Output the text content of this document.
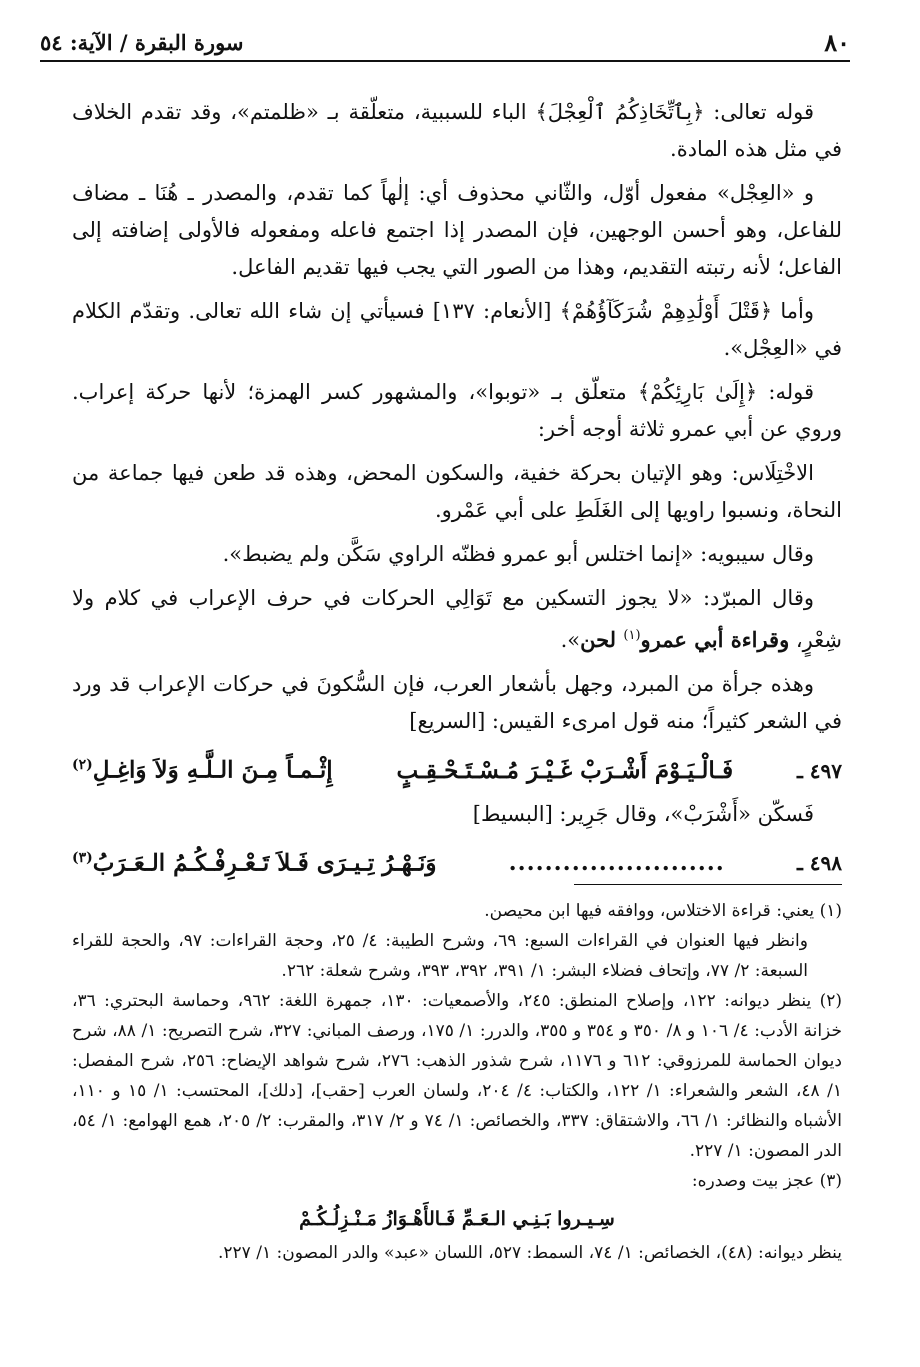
٨٠
سورة البقرة / الآية: ٥٤

قوله تعالى: ﴿بِٱتِّخَاذِكُمُ ٱلْعِجْلَ﴾ الباء للسببية، متعلّقة بـ «ظلمتم»، وقد تقدم الخلاف في مثل هذه المادة.

و «العِجْل» مفعول أوّل، والثّاني محذوف أي: إلٰهاً كما تقدم، والمصدر ـ هُنَا ـ مضاف للفاعل، وهو أحسن الوجهين، فإن المصدر إذا اجتمع فاعله ومفعوله فالأولى إضافته إلى الفاعل؛ لأنه رتبته التقديم، وهذا من الصور التي يجب فيها تقديم الفاعل.

وأما ﴿قَتْلَ أَوْلَٰدِهِمْ شُرَكَآؤُهُمْ﴾ [الأنعام: ١٣٧] فسيأتي إن شاء الله تعالى. وتقدّم الكلام في «العِجْل».

قوله: ﴿إِلَىٰ بَارِئِكُمْ﴾ متعلّق بـ «توبوا»، والمشهور كسر الهمزة؛ لأنها حركة إعراب. وروي عن أبي عمرو ثلاثة أوجه أخر:

الاخْتِلَاس: وهو الإتيان بحركة خفية، والسكون المحض، وهذه قد طعن فيها جماعة من النحاة، ونسبوا راويها إلى الغَلَطِ على أبي عَمْرو.

وقال سيبويه: «إنما اختلس أبو عمرو فظنّه الراوي سَكَّن ولم يضبط».

وقال المبرّد: «لا يجوز التسكين مع تَوَالِي الحركات في حرف الإعراب في كلام ولا شِعْرٍ، وقراءة أبي عمرو$^{(١)}$ لحن».

وهذه جرأة من المبرد، وجهل بأشعار العرب، فإن السُّكونَ في حركات الإعراب قد ورد في الشعر كثيراً؛ منه قول امرىء القيس: [السريع]

٤٩٧ ـ
فَـالْـيَـوْمَ أَشْـرَبْ غَـيْـرَ مُـسْـتَـحْـقِـبٍ
إِثْـمـاً مِـنَ الـلَّـهِ وَلاَ وَاغِـلِ$^{(٢)}$

فَسكّن «أَشْرَبْ»، وقال جَرِير: [البسيط]

٤٩٨ ـ
........................
وَنَـهْـرُ تِـيـرَى فَـلاَ تَـعْـرِفْـكُـمُ الـعَـرَبُ$^{(٣)}$

(١) يعني: قراءة الاختلاس، ووافقه فيها ابن محيصن.

وانظر فيها العنوان في القراءات السبع: ٦٩، وشرح الطيبة: ٤/ ٢٥، وحجة القراءات: ٩٧، والحجة للقراء السبعة: ٢/ ٧٧، وإتحاف فضلاء البشر: ١/ ٣٩١، ٣٩٢، ٣٩٣، وشرح شعلة: ٢٦٢.

(٢) ينظر ديوانه: ١٢٢، وإصلاح المنطق: ٢٤٥، والأصمعيات: ١٣٠، جمهرة اللغة: ٩٦٢، وحماسة البحتري: ٣٦، خزانة الأدب: ٤/ ١٠٦ و ٨/ ٣٥٠ و ٣٥٤ و ٣٥٥، والدرر: ١/ ١٧٥، ورصف المباني: ٣٢٧، شرح التصريح: ١/ ٨٨، شرح ديوان الحماسة للمرزوقي: ٦١٢ و ١١٧٦، شرح شذور الذهب: ٢٧٦، شرح شواهد الإيضاح: ٢٥٦، شرح المفصل: ١/ ٤٨، الشعر والشعراء: ١/ ١٢٢، والكتاب: ٤/ ٢٠٤، ولسان العرب [حقب]، [دلك]، المحتسب: ١/ ١٥ و ١١٠، الأشباه والنظائر: ١/ ٦٦، والاشتقاق: ٣٣٧، والخصائص: ١/ ٧٤ و ٢/ ٣١٧، والمقرب: ٢/ ٢٠٥، همع الهوامع: ١/ ٥٤، الدر المصون: ١/ ٢٢٧.

(٣) عجز بيت وصدره:

سِـيـروا بَـنِـي الـعَـمِّ فَـالأَهْـوَازُ مَـنْـزِلُـكُـمْ

ينظر ديوانه: (٤٨)، الخصائص: ١/ ٧٤، السمط: ٥٢٧، اللسان «عبد» والدر المصون: ١/ ٢٢٧.
